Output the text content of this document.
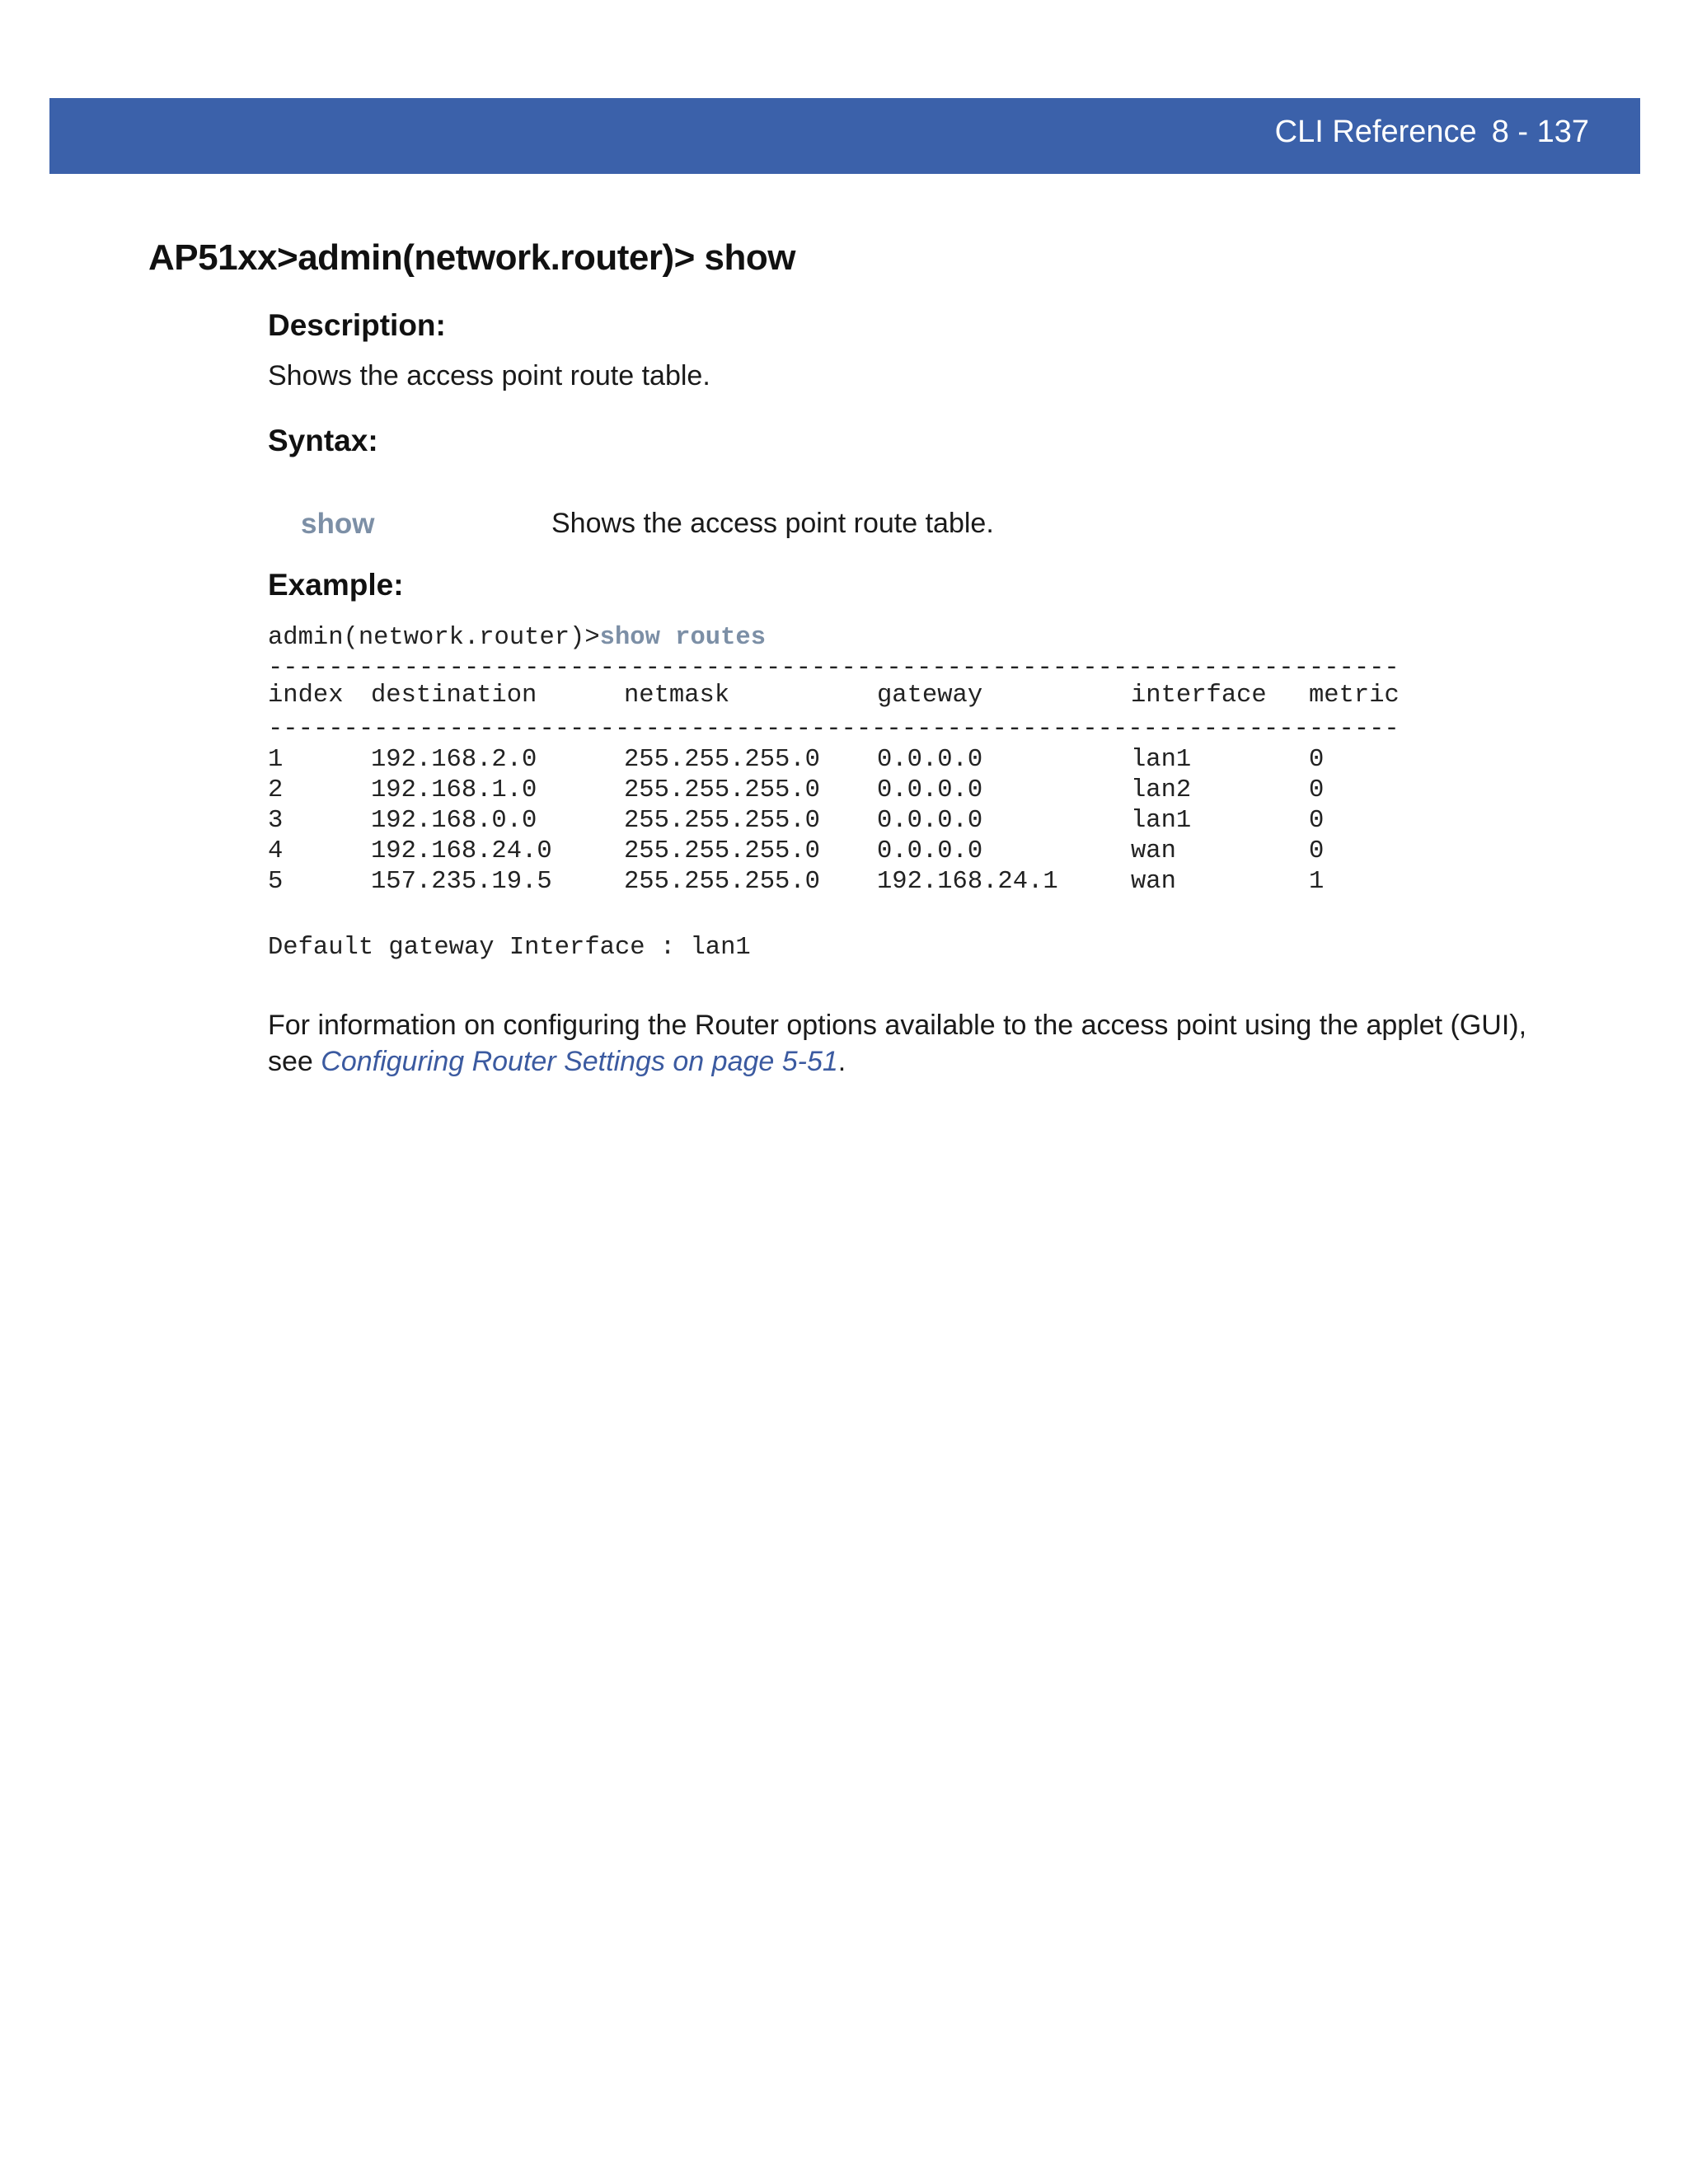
CLI Reference 8 - 137
AP51xx>admin(network.router)> show
Description:
Shows the access point route table.
Syntax:
show	Shows the access point route table.
Example:
admin(network.router)>show routes
---------------------------------------------------------------------------
index	destination	netmask	gateway	interface	metric
---------------------------------------------------------------------------
1	192.168.2.0	255.255.255.0	0.0.0.0	lan1	0
2	192.168.1.0	255.255.255.0	0.0.0.0	lan2	0
3	192.168.0.0	255.255.255.0	0.0.0.0	lan1	0
4	192.168.24.0	255.255.255.0	0.0.0.0	wan	0
5	157.235.19.5	255.255.255.0	192.168.24.1	wan	1
Default gateway Interface : lan1
For information on configuring the Router options available to the access point using the applet (GUI), see Configuring Router Settings on page 5-51.
